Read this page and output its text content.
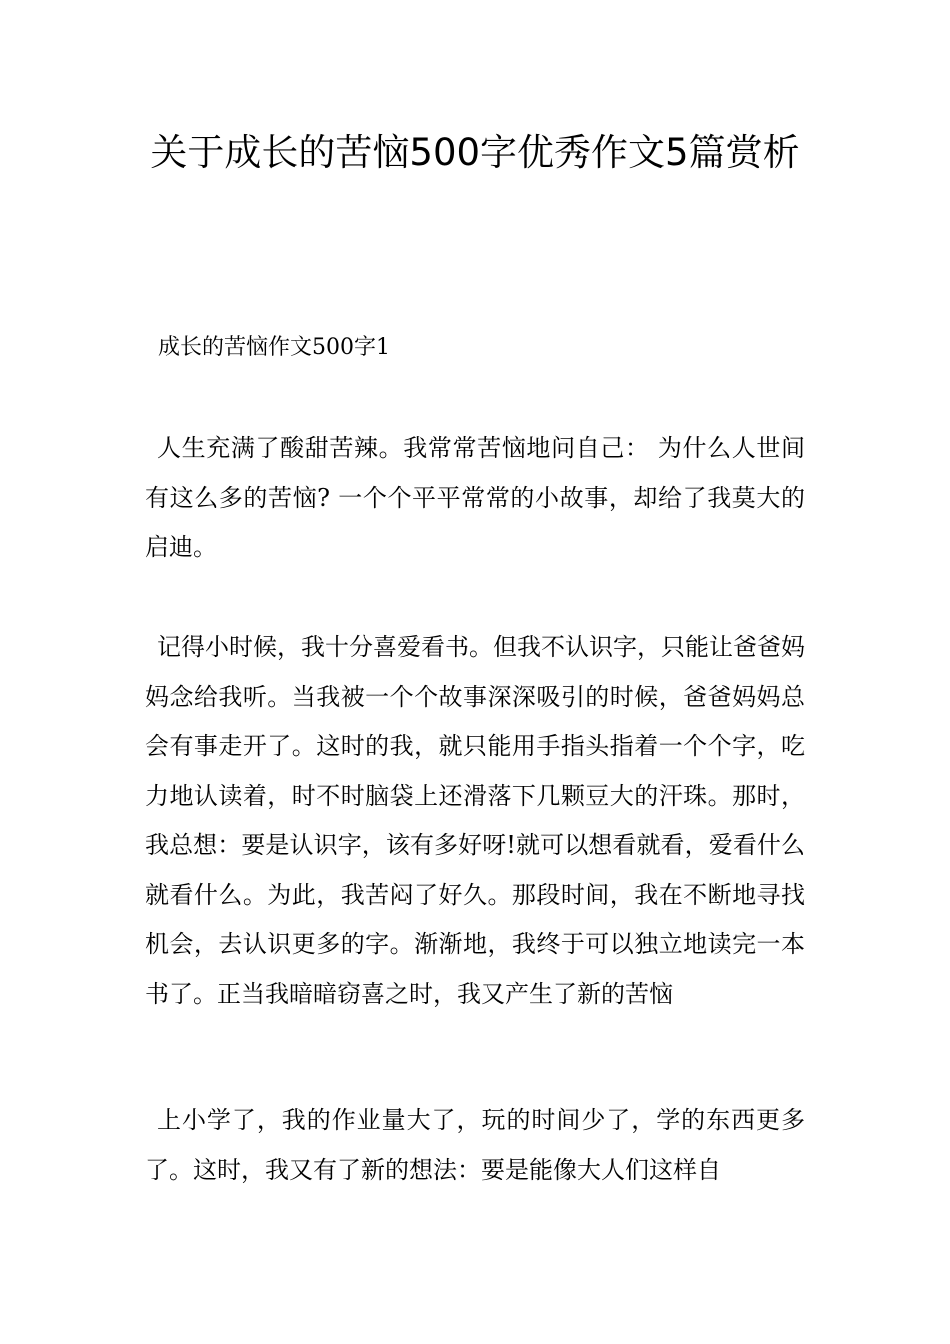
关于成长的苦恼500字优秀作文5篇赏析

成长的苦恼作文500字1

人生充满了酸甜苦辣。我常常苦恼地问自己： 为什么人世间有这么多的苦恼? 一个个平平常常的小故事，却给了我莫大的启迪。

记得小时候，我十分喜爱看书。但我不认识字，只能让爸爸妈妈念给我听。当我被一个个故事深深吸引的时候，爸爸妈妈总会有事走开了。这时的我，就只能用手指头指着一个个字，吃力地认读着，时不时脑袋上还滑落下几颗豆大的汗珠。那时，我总想：要是认识字，该有多好呀!就可以想看就看，爱看什么就看什么。为此，我苦闷了好久。那段时间，我在不断地寻找机会，去认识更多的字。渐渐地，我终于可以独立地读完一本书了。正当我暗暗窃喜之时，我又产生了新的苦恼

上小学了，我的作业量大了，玩的时间少了，学的东西更多了。这时，我又有了新的想法：要是能像大人们这样自
